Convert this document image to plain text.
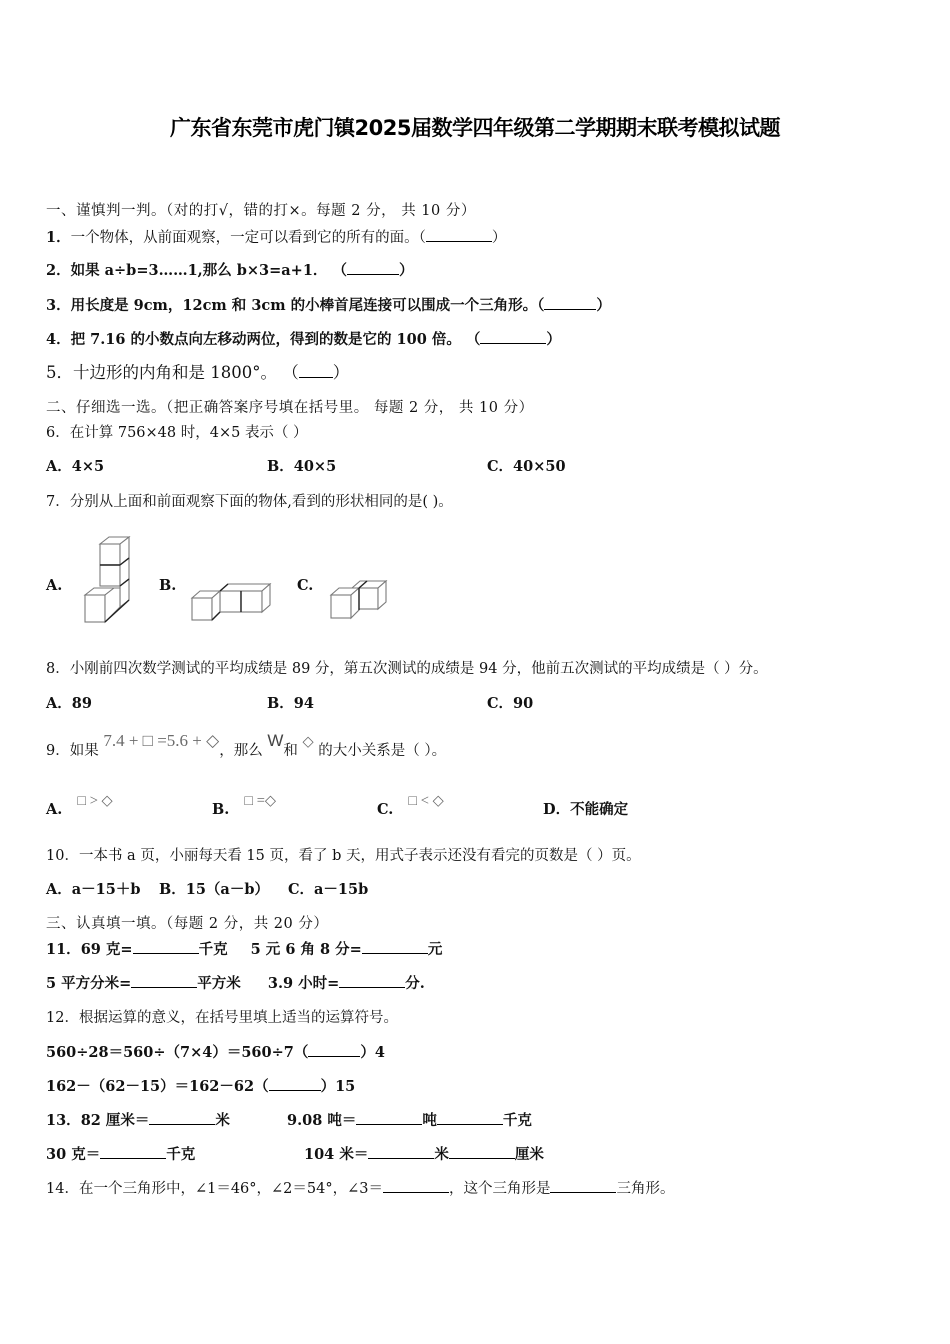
广东省东莞市虎门镇2025届数学四年级第二学期期末联考模拟试题
一、谨慎判一判。（对的打√，错的打×。每题 2 分， 共 10 分）
1．一个物体，从前面观察，一定可以看到它的所有的面。（	）
2．如果 a÷b=3……1,那么 b×3=a+1． （	）
3．用长度是 9cm，12cm 和 3cm 的小棒首尾连接可以围成一个三角形。（	）
4．把 7.16 的小数点向左移动两位，得到的数是它的 100 倍。 （	）
5．十边形的内角和是 1800°。 （ ）
二、仔细选一选。（把正确答案序号填在括号里。 每题 2 分， 共 10 分）
6．在计算 756×48 时，4×5 表示（ ）
A．4×5	B．40×5	C．40×50
7．分别从上面和前面观察下面的物体,看到的形状相同的是( )。
A.	B.	C.
8．小刚前四次数学测试的平均成绩是 89 分，第五次测试的成绩是 94 分，他前五次测试的平均成绩是（ ）分。
A．89	B．94	C．90
9．如果 7.4 + □ =5.6 + ◇，那么 W和 ◇ 的大小关系是（ ）。
A. □ > ◇	B. □ =◇	C. □ < ◇	D．不能确定
10．一本书 a 页，小丽每天看 15 页，看了 b 天，用式子表示还没有看完的页数是（ ）页。
A．a－15＋b B．15（a－b） C．a－15b
三、认真填一填。（每题 2 分，共 20 分）
11．69 克=	千克 5 元 6 角 8 分=	元
5 平方分米=	平方米 3.9 小时=	分.
12．根据运算的意义，在括号里填上适当的运算符号。
560÷28＝560÷（7×4）＝560÷7（	）4
162－（62－15）＝162－62（	）15
13．82 厘米＝	米	9.08 吨＝	吨	千克
30 克＝	千克	104 米＝	米	厘米
14．在一个三角形中，∠1＝46°，∠2＝54°，∠3＝	，这个三角形是	三角形。
